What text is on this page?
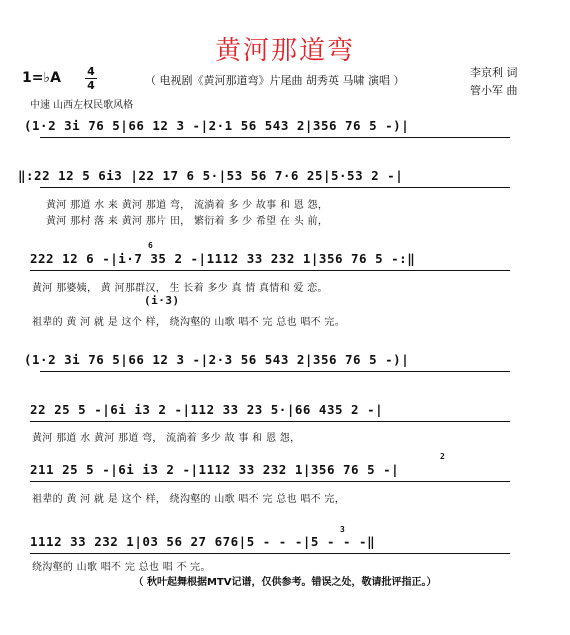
黄河那道弯
1=♭A 4
4	（ 电视剧《黄河那道弯》片尾曲 胡秀英 马啸 演唱 ）
李京利 词
管小军 曲
中速 山西左权民歌风格
(1·2 3i 76 5|66 12 3 -|2·1 56 543 2|356 76 5 -)|
‖:22 12 5 6i3 |22 17 6 5·|53 56 7·6 25|5·53 2 -|
黄河 那道 水 来 黄河 那道 弯， 流淌着 多 少 故事 和 恩 怨，
黄河 那村 落 来 黄河 那片 田， 繁衍着 多 少 希望 在 头 前，
6
222 12 6 -|i·7 35 2 -|1112 33 232 1|356 76 5 -:‖
黄河 那婆姨， 黄 河那群汉， 生 长着 多少 真 情 真情和 爱 恋。
(i·3)
祖辈的 黄 河 就 是 这个 样， 绕沟壑的 山歌 唱不 完 总也 唱不 完。
(1·2 3i 76 5|66 12 3 -|2·3 56 543 2|356 76 5 -)|
22 25 5 -|6i i3 2 -|112 33 23 5·|66 435 2 -|
黄河 那道 水 黄河 那道 弯， 流淌着 多少 故 事 和 恩 怨，
2
211 25 5 -|6i i3 2 -|1112 33 232 1|356 76 5 -|
祖辈的 黄 河 就 是 这个 样， 绕沟壑的 山歌 唱不 完 总也 唱不 完，
3
1112 33 232 1|03 56 27 676|5 - - -|5 - - -‖
绕沟壑的 山歌 唱不 完 总也 唱 不 完。
（ 秋叶起舞根据MTV记谱，仅供参考。错误之处，敬请批评指正。）
